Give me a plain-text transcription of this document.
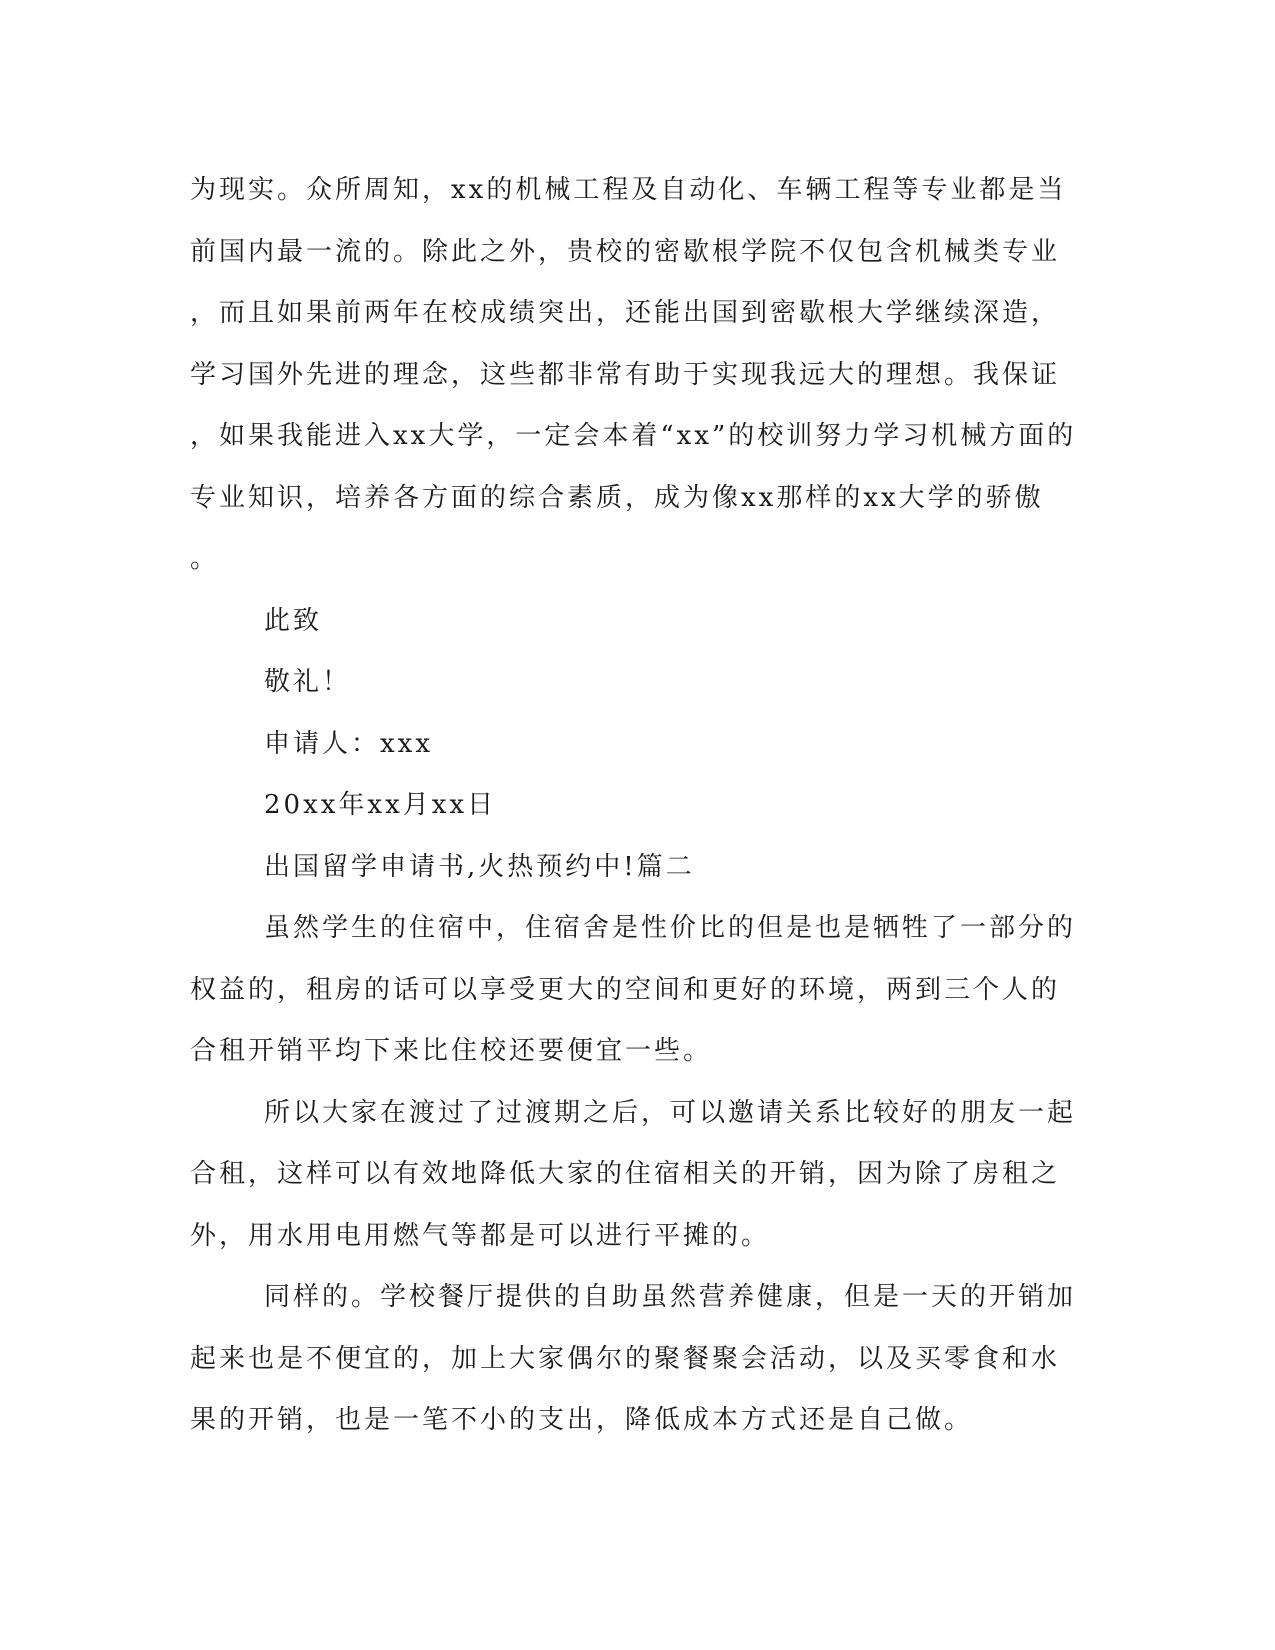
为现实。众所周知，xx的机械工程及自动化、车辆工程等专业都是当
前国内最一流的。除此之外，贵校的密歇根学院不仅包含机械类专业
，而且如果前两年在校成绩突出，还能出国到密歇根大学继续深造，
学习国外先进的理念，这些都非常有助于实现我远大的理想。我保证
，如果我能进入xx大学，一定会本着“xx”的校训努力学习机械方面的
专业知识，培养各方面的综合素质，成为像xx那样的xx大学的骄傲
。
此致
敬礼！
申请人：xxx
20xx年xx月xx日
出国留学申请书,火热预约中!篇二
虽然学生的住宿中，住宿舍是性价比的但是也是牺牲了一部分的
权益的，租房的话可以享受更大的空间和更好的环境，两到三个人的
合租开销平均下来比住校还要便宜一些。
所以大家在渡过了过渡期之后，可以邀请关系比较好的朋友一起
合租，这样可以有效地降低大家的住宿相关的开销，因为除了房租之
外，用水用电用燃气等都是可以进行平摊的。
同样的。学校餐厅提供的自助虽然营养健康，但是一天的开销加
起来也是不便宜的，加上大家偶尔的聚餐聚会活动，以及买零食和水
果的开销，也是一笔不小的支出，降低成本方式还是自己做。
